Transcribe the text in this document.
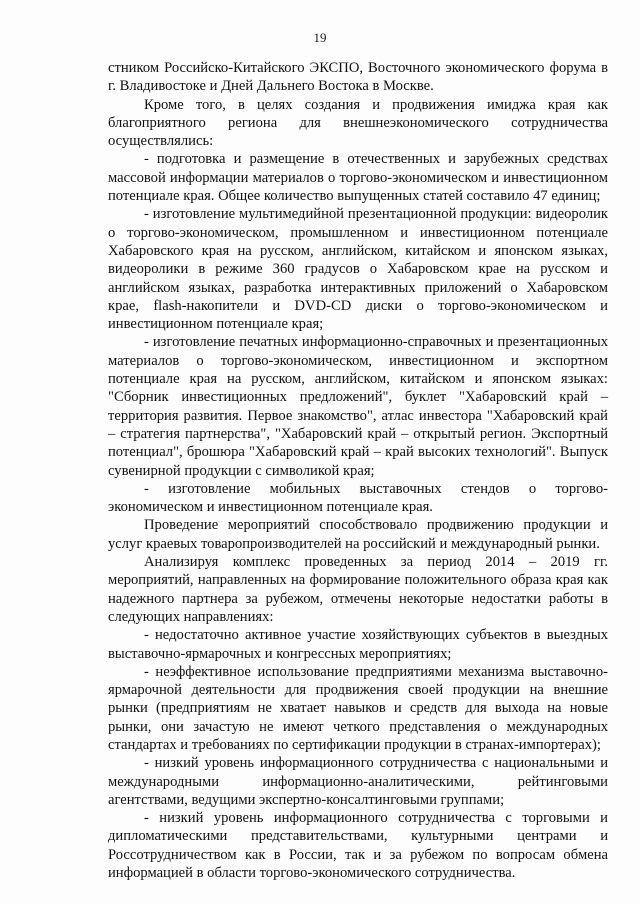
19

стником Российско-Китайского ЭКСПО, Восточного экономического форума в г. Владивостоке и Дней Дальнего Востока в Москве.

Кроме того, в целях создания и продвижения имиджа края как благоприятного региона для внешнеэкономического сотрудничества осуществлялись:

- подготовка и размещение в отечественных и зарубежных средствах массовой информации материалов о торгово-экономическом и инвестиционном потенциале края. Общее количество выпущенных статей составило 47 единиц;

- изготовление мультимедийной презентационной продукции: видеоролик о торгово-экономическом, промышленном и инвестиционном потенциале Хабаровского края на русском, английском, китайском и японском языках, видеоролики в режиме 360 градусов о Хабаровском крае на русском и английском языках, разработка интерактивных приложений о Хабаровском крае, flash-накопители и DVD-CD диски о торгово-экономическом и инвестиционном потенциале края;

- изготовление печатных информационно-справочных и презентационных материалов о торгово-экономическом, инвестиционном и экспортном потенциале края на русском, английском, китайском и японском языках: "Сборник инвестиционных предложений", буклет "Хабаровский край – территория развития. Первое знакомство", атлас инвестора "Хабаровский край – стратегия партнерства", "Хабаровский край – открытый регион. Экспортный потенциал", брошюра "Хабаровский край – край высоких технологий". Выпуск сувенирной продукции с символикой края;

- изготовление мобильных выставочных стендов о торгово-экономическом и инвестиционном потенциале края.

Проведение мероприятий способствовало продвижению продукции и услуг краевых товаропроизводителей на российский и международный рынки.

Анализируя комплекс проведенных за период 2014 – 2019 гг. мероприятий, направленных на формирование положительного образа края как надежного партнера за рубежом, отмечены некоторые недостатки работы в следующих направлениях:

- недостаточно активное участие хозяйствующих субъектов в выездных выставочно-ярмарочных и конгрессных мероприятиях;

- неэффективное использование предприятиями механизма выставочно-ярмарочной деятельности для продвижения своей продукции на внешние рынки (предприятиям не хватает навыков и средств для выхода на новые рынки, они зачастую не имеют четкого представления о международных стандартах и требованиях по сертификации продукции в странах-импортерах);

- низкий уровень информационного сотрудничества с национальными и международными информационно-аналитическими, рейтинговыми агентствами, ведущими экспертно-консалтинговыми группами;

- низкий уровень информационного сотрудничества с торговыми и дипломатическими представительствами, культурными центрами и Россотрудничеством как в России, так и за рубежом по вопросам обмена информацией в области торгово-экономического сотрудничества.
